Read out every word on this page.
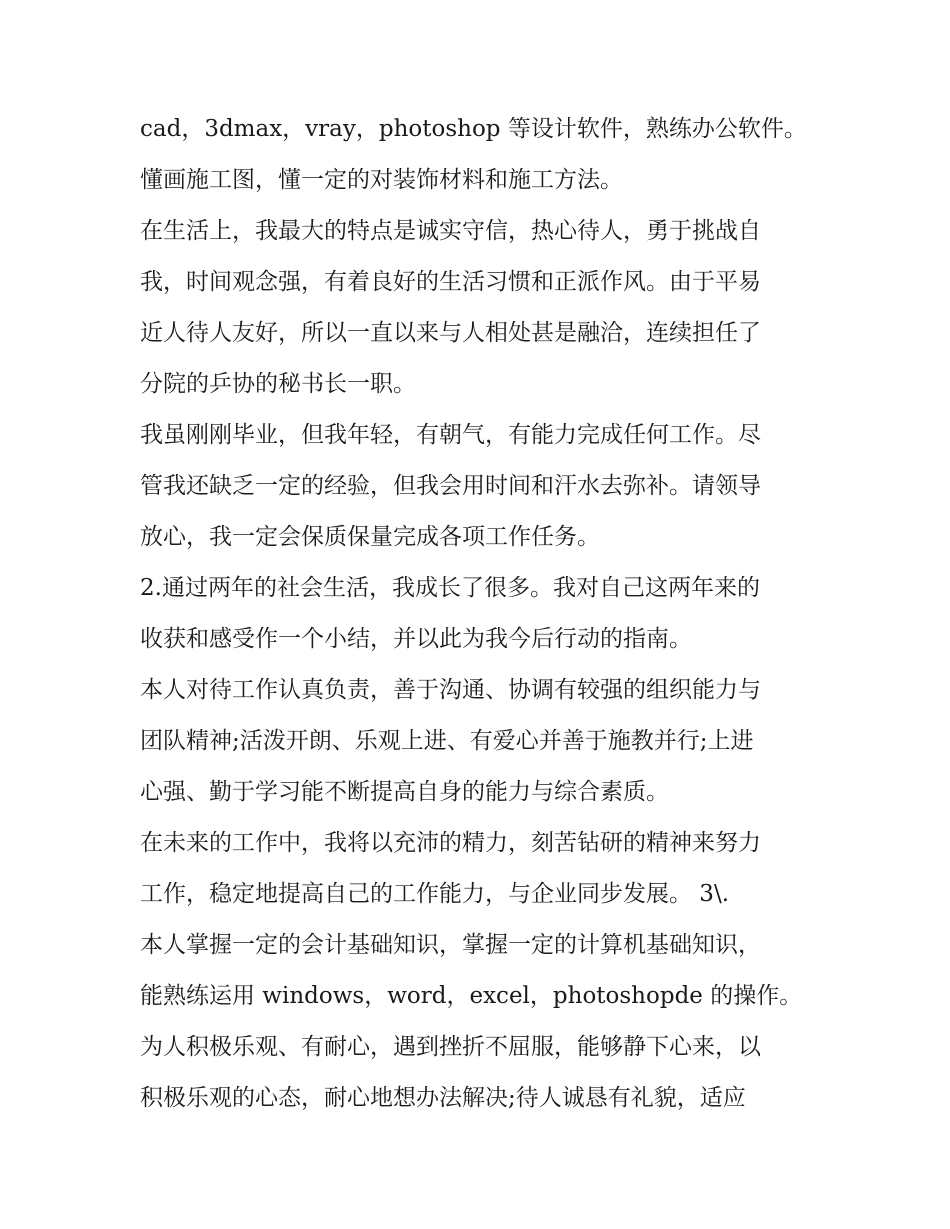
cad，3dmax，vray，photoshop 等设计软件，熟练办公软件。
懂画施工图，懂一定的对装饰材料和施工方法。
在生活上，我最大的特点是诚实守信，热心待人，勇于挑战自
我，时间观念强，有着良好的生活习惯和正派作风。由于平易
近人待人友好，所以一直以来与人相处甚是融洽，连续担任了
分院的乒协的秘书长一职。
我虽刚刚毕业，但我年轻，有朝气，有能力完成任何工作。尽
管我还缺乏一定的经验，但我会用时间和汗水去弥补。请领导
放心，我一定会保质保量完成各项工作任务。
2.通过两年的社会生活，我成长了很多。我对自己这两年来的
收获和感受作一个小结，并以此为我今后行动的指南。
本人对待工作认真负责，善于沟通、协调有较强的组织能力与
团队精神;活泼开朗、乐观上进、有爱心并善于施教并行;上进
心强、勤于学习能不断提高自身的能力与综合素质。
在未来的工作中，我将以充沛的精力，刻苦钻研的精神来努力
工作，稳定地提高自己的工作能力，与企业同步发展。 3\.
本人掌握一定的会计基础知识，掌握一定的计算机基础知识，
能熟练运用 windows，word，excel，photoshopde 的操作。
为人积极乐观、有耐心，遇到挫折不屈服，能够静下心来，以
积极乐观的心态，耐心地想办法解决;待人诚恳有礼貌，适应
